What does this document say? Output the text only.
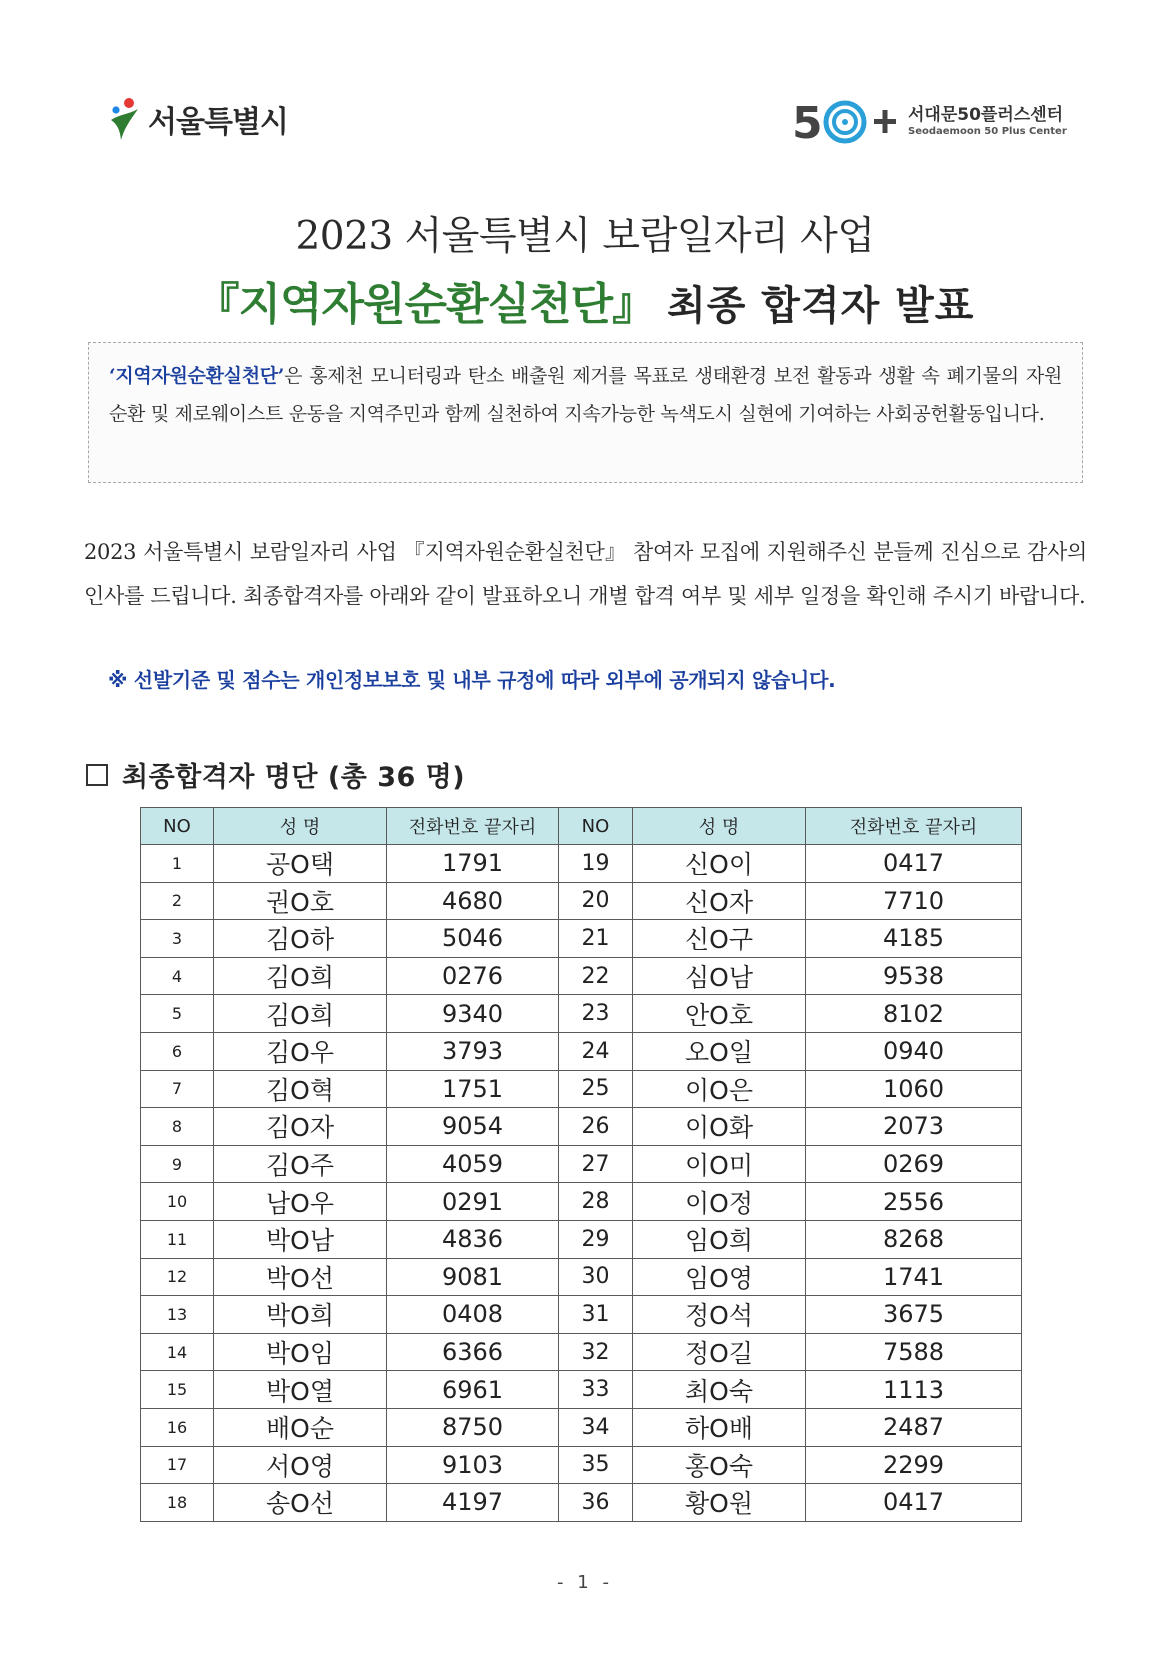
서울특별시	5	서대문50플러스센터
Seodaemoon 50 Plus Center
2023 서울특별시 보람일자리 사업
『지역자원순환실천단』 최종 합격자 발표

‘지역자원순환실천단’은 홍제천 모니터링과 탄소 배출원 제거를 목표로 생태환경 보전 활동과 생활 속 폐기물의 자원순환 및 제로웨이스트 운동을 지역주민과 함께 실천하여 지속가능한 녹색도시 실현에 기여하는 사회공헌활동입니다.

2023 서울특별시 보람일자리 사업 『지역자원순환실천단』 참여자 모집에 지원해주신 분들께 진심으로 감사의 인사를 드립니다. 최종합격자를 아래와 같이 발표하오니 개별 합격 여부 및 세부 일정을 확인해 주시기 바랍니다.

※ 선발기준 및 점수는 개인정보보호 및 내부 규정에 따라 외부에 공개되지 않습니다.
최종합격자 명단 (총 36 명)
NO	성 명	전화번호 끝자리	NO	성 명	전화번호 끝자리
1	공O택	1791	19	신O이	0417
2	권O호	4680	20	신O자	7710
3	김O하	5046	21	신O구	4185
4	김O희	0276	22	심O남	9538
5	김O희	9340	23	안O호	8102
6	김O우	3793	24	오O일	0940
7	김O혁	1751	25	이O은	1060
8	김O자	9054	26	이O화	2073
9	김O주	4059	27	이O미	0269
10	남O우	0291	28	이O정	2556
11	박O남	4836	29	임O희	8268
12	박O선	9081	30	임O영	1741
13	박O희	0408	31	정O석	3675
14	박O임	6366	32	정O길	7588
15	박O열	6961	33	최O숙	1113
16	배O순	8750	34	하O배	2487
17	서O영	9103	35	홍O숙	2299
18	송O선	4197	36	황O원	0417
- 1 -
